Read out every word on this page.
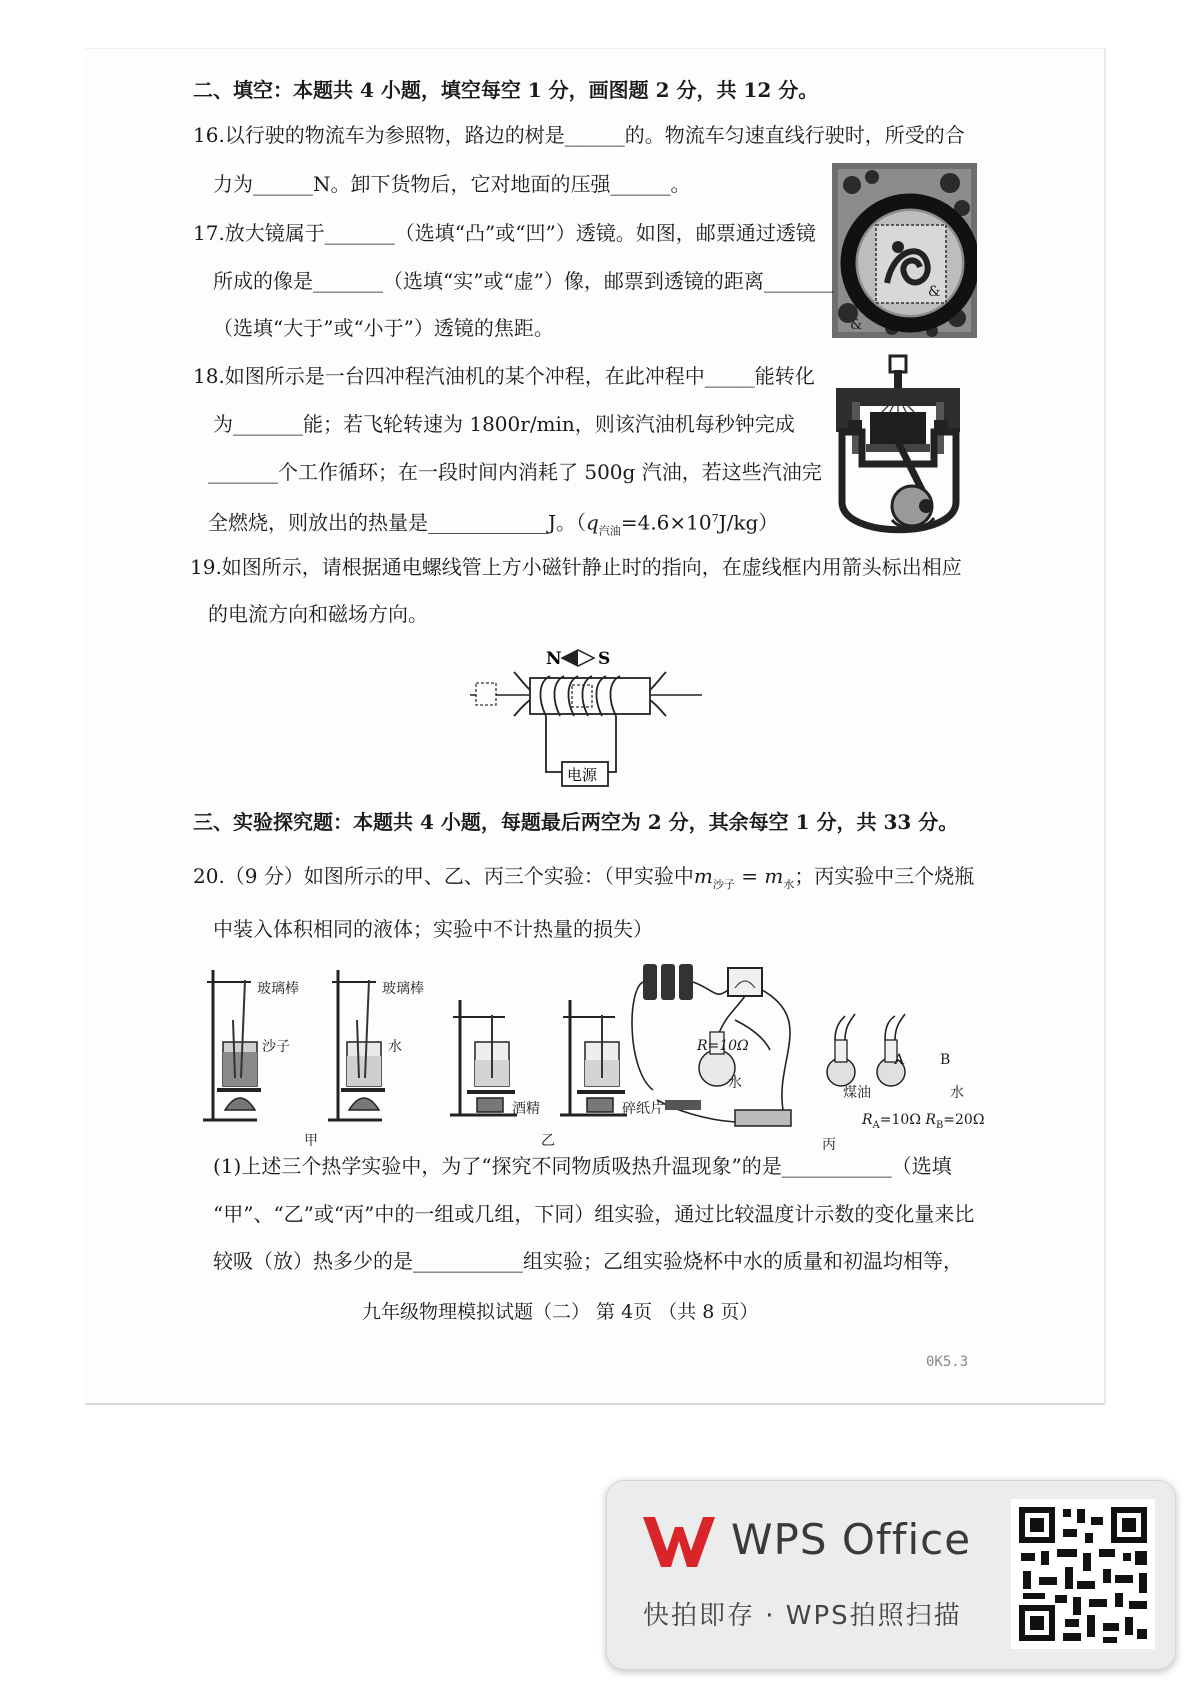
二、填空：本题共 4 小题，填空每空 1 分，画图题 2 分，共 12 分。
16.以行驶的物流车为参照物，路边的树是______的。物流车匀速直线行驶时，所受的合
力为______N。卸下货物后，它对地面的压强______。
&
&
17.放大镜属于_______（选填“凸”或“凹”）透镜。如图，邮票通过透镜
所成的像是_______（选填“实”或“虚”）像，邮票到透镜的距离_______
（选填“大于”或“小于”）透镜的焦距。
18.如图所示是一台四冲程汽油机的某个冲程，在此冲程中_____能转化
为_______能；若飞轮转速为 1800r/min，则该汽油机每秒钟完成
_______个工作循环；在一段时间内消耗了 500g 汽油，若这些汽油完
全燃烧，则放出的热量是____________J。$(q_{汽油}=4.6\times 10^7J/kg)$
19.如图所示，请根据通电螺线管上方小磁针静止时的指向，在虚线框内用箭头标出相应
的电流方向和磁场方向。
N S
电源
三、实验探究题：本题共 4 小题，每题最后两空为 2 分，其余每空 1 分，共 33 分。
20.（9 分）如图所示的甲、乙、丙三个实验：（甲实验中$m_{沙子} = m_水$；丙实验中三个烧瓶
中装入体积相同的液体；实验中不计热量的损失）
玻璃棒	玻璃棒
沙子	水
酒精	碎纸片
R=10Ω
水
煤油
A	B
水
$R_A=10\Omega$ $R_B=20\Omega$
甲	乙	丙
(1)上述三个热学实验中，为了“探究不同物质吸热升温现象”的是___________（选填
“甲”、“乙”或“丙”中的一组或几组，下同）组实验，通过比较温度计示数的变化量来比
较吸（放）热多少的是___________组实验；乙组实验烧杯中水的质量和初温均相等，
九年级物理模拟试题（二） 第 4页 （共 8 页）
0K5.3
WPS Office
快拍即存 · WPS拍照扫描
